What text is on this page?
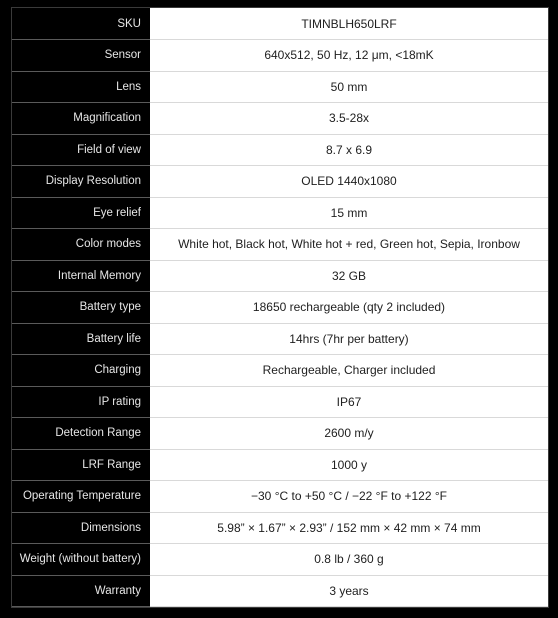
SKU	TIMNBLH650LRF
Sensor	640x512, 50 Hz, 12 μm, <18mK
Lens	50 mm
Magnification	3.5-28x
Field of view	8.7 x 6.9
Display Resolution	OLED 1440x1080
Eye relief	15 mm
Color modes	White hot, Black hot, White hot + red, Green hot, Sepia, Ironbow
Internal Memory	32 GB
Battery type	18650 rechargeable (qty 2 included)
Battery life	14hrs (7hr per battery)
Charging	Rechargeable, Charger included
IP rating	IP67
Detection Range	2600 m/y
LRF Range	1000 y
Operating Temperature	−30 °C to +50 °C / −22 °F to +122 °F
Dimensions	5.98” × 1.67” × 2.93” / 152 mm × 42 mm × 74 mm
Weight (without battery)	0.8 lb / 360 g
Warranty	3 years
